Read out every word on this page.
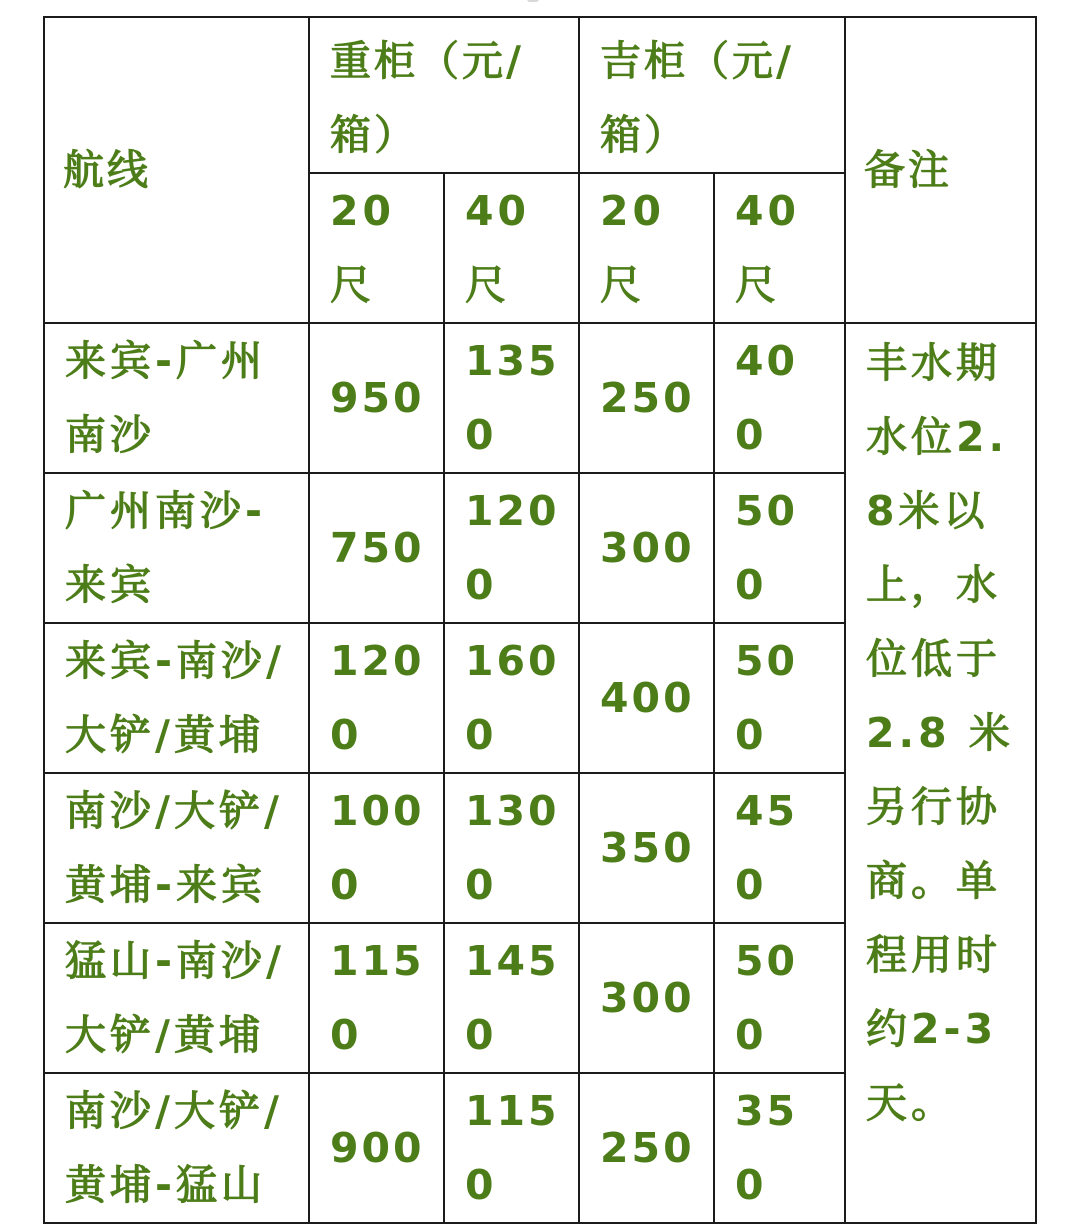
航线	重柜（元/箱）		吉柜（元/箱）		备注
	20尺	40尺	20尺	40尺	
来宾-广州南沙	950	1350	250	400	丰水期水位2.8米以上，水位低于2.8 米另行协商。单程用时约2-3天。
广州南沙-来宾	750	1200	300	500	
来宾-南沙/大铲/黄埔	1200	1600	400	500	
南沙/大铲/黄埔-来宾	1000	1300	350	450	
猛山-南沙/大铲/黄埔	1150	1450	300	500	
南沙/大铲/黄埔-猛山	900	1150	250	350	
